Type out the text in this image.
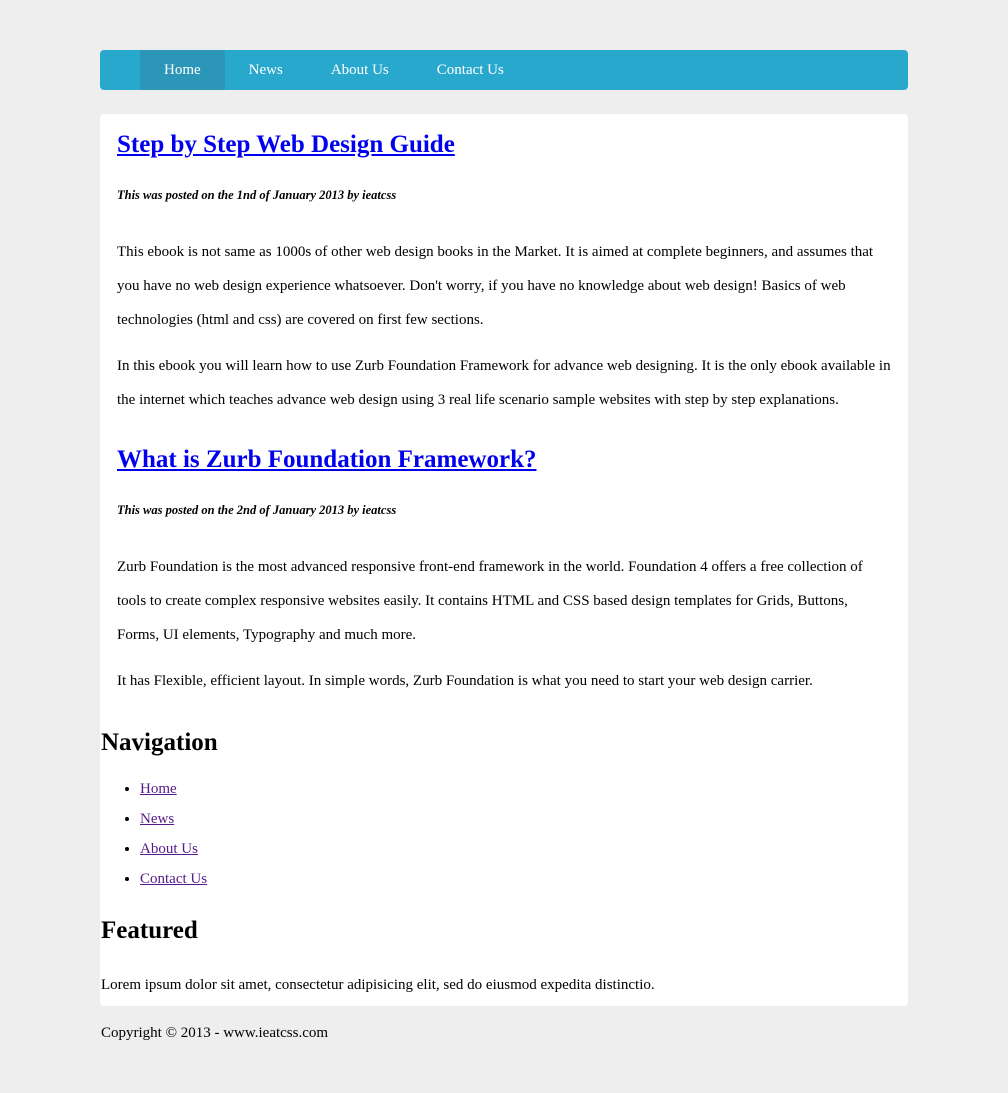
Home	News	About Us	Contact Us
Step by Step Web Design Guide

This was posted on the 1nd of January 2013 by ieatcss

This ebook is not same as 1000s of other web design books in the Market. It is aimed at complete beginners, and assumes that you have no web design experience whatsoever. Don't worry, if you have no knowledge about web design! Basics of web technologies (html and css) are covered on first few sections.

In this ebook you will learn how to use Zurb Foundation Framework for advance web designing. It is the only ebook available in the internet which teaches advance web design using 3 real life scenario sample websites with step by step explanations.

What is Zurb Foundation Framework?

This was posted on the 2nd of January 2013 by ieatcss

Zurb Foundation is the most advanced responsive front-end framework in the world. Foundation 4 offers a free collection of tools to create complex responsive websites easily. It contains HTML and CSS based design templates for Grids, Buttons, Forms, UI elements, Typography and much more.

It has Flexible, efficient layout. In simple words, Zurb Foundation is what you need to start your web design carrier.

Navigation
• Home
• News
• About Us
• Contact Us
Featured

Lorem ipsum dolor sit amet, consectetur adipisicing elit, sed do eiusmod expedita distinctio.

Copyright © 2013 - www.ieatcss.com
